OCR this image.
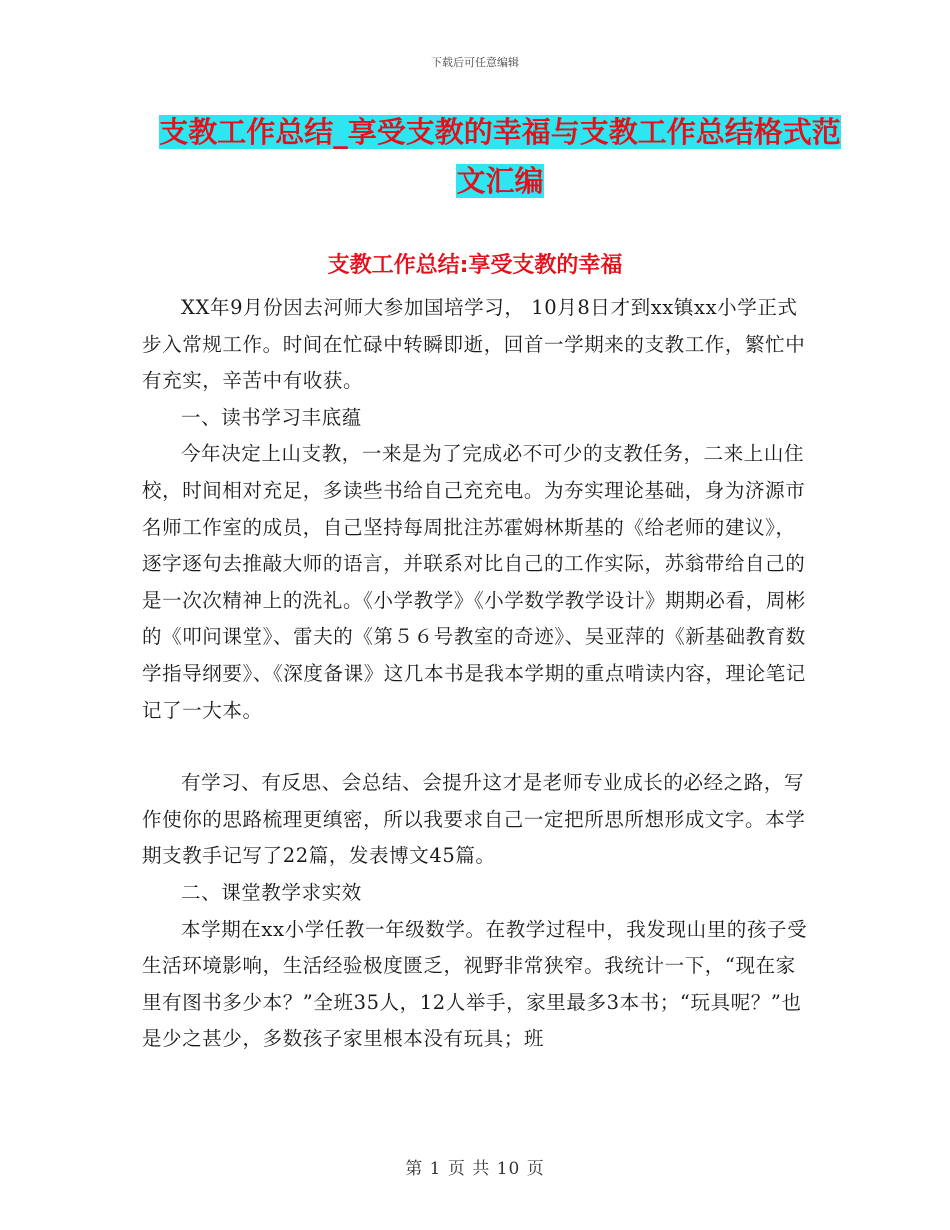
下载后可任意编辑
支教工作总结_享受支教的幸福与支教工作总结格式范文汇编
支教工作总结:享受支教的幸福

XX年9月份因去河师大参加国培学习， 10月8日才到xx镇xx小学正式步入常规工作。时间在忙碌中转瞬即逝，回首一学期来的支教工作，繁忙中有充实，辛苦中有收获。

一、读书学习丰底蕴

今年决定上山支教，一来是为了完成必不可少的支教任务，二来上山住校，时间相对充足，多读些书给自己充充电。为夯实理论基础，身为济源市名师工作室的成员，自己坚持每周批注苏霍姆林斯基的《给老师的建议》，逐字逐句去推敲大师的语言，并联系对比自己的工作实际，苏翁带给自己的是一次次精神上的洗礼。《小学教学》《小学数学教学设计》期期必看，周彬的《叩问课堂》、雷夫的《第５６号教室的奇迹》、吴亚萍的《新基础教育数学指导纲要》、《深度备课》这几本书是我本学期的重点啃读内容，理论笔记记了一大本。

有学习、有反思、会总结、会提升这才是老师专业成长的必经之路，写作使你的思路梳理更缜密，所以我要求自己一定把所思所想形成文字。本学期支教手记写了22篇，发表博文45篇。

二、课堂教学求实效

本学期在xx小学任教一年级数学。在教学过程中，我发现山里的孩子受生活环境影响，生活经验极度匮乏，视野非常狭窄。我统计一下，“现在家里有图书多少本？”全班35人，12人举手，家里最多3本书；“玩具呢？”也是少之甚少，多数孩子家里根本没有玩具；班

第 1 页 共 10 页
